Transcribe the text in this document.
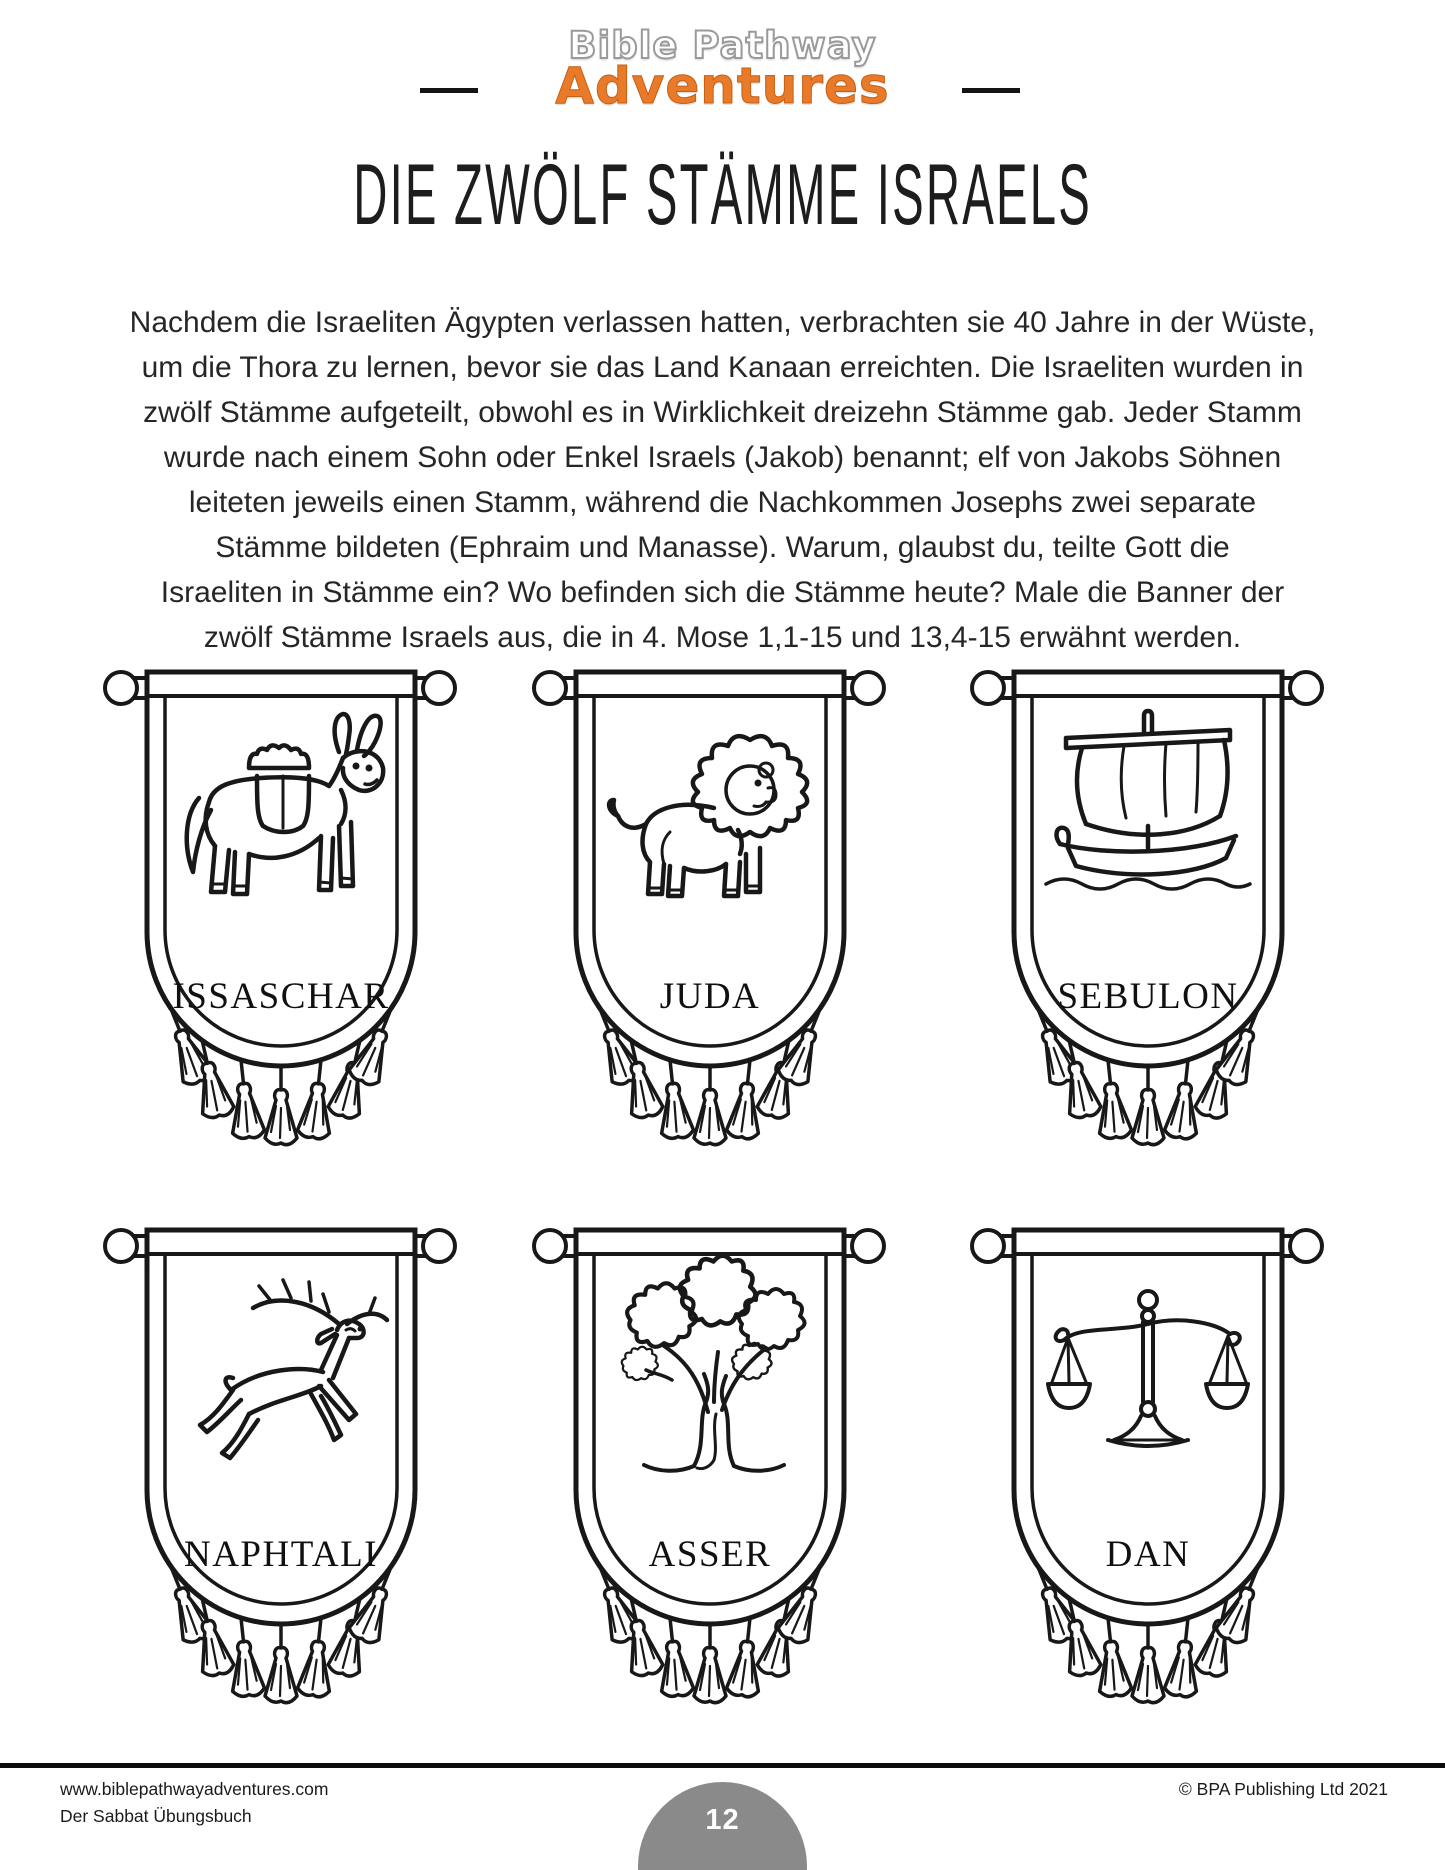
Bible Pathway
Adventures
DIE ZWÖLF STÄMME ISRAELS
Nachdem die Israeliten Ägypten verlassen hatten, verbrachten sie 40 Jahre in der Wüste,
um die Thora zu lernen, bevor sie das Land Kanaan erreichten. Die Israeliten wurden in
zwölf Stämme aufgeteilt, obwohl es in Wirklichkeit dreizehn Stämme gab. Jeder Stamm
wurde nach einem Sohn oder Enkel Israels (Jakob) benannt; elf von Jakobs Söhnen
leiteten jeweils einen Stamm, während die Nachkommen Josephs zwei separate
Stämme bildeten (Ephraim und Manasse). Warum, glaubst du, teilte Gott die
Israeliten in Stämme ein? Wo befinden sich die Stämme heute? Male die Banner der
zwölf Stämme Israels aus, die in 4. Mose 1,1-15 und 13,4-15 erwähnt werden.
ISSASCHAR	JUDA	SEBULON
NAPHTALI	ASSER	DAN
www.biblepathwayadventures.com
Der Sabbat Übungsbuch
© BPA Publishing Ltd 2021
12
